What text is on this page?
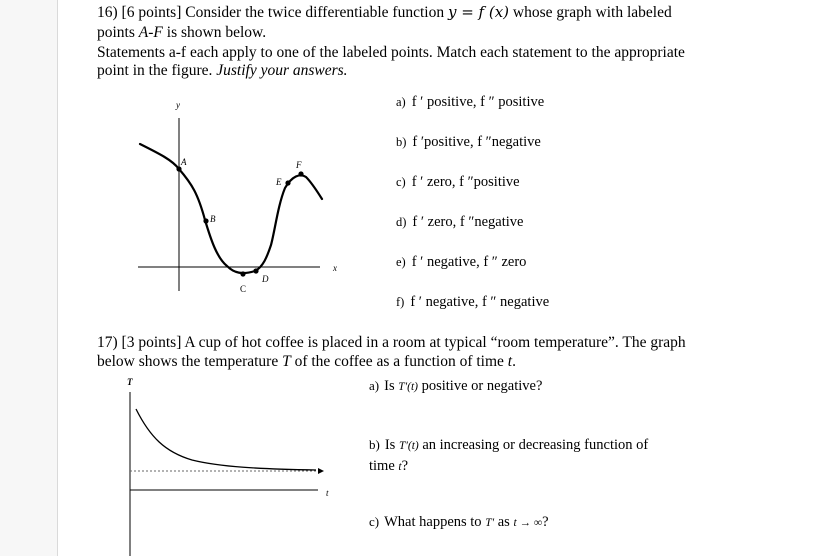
16) [6 points] Consider the twice differentiable function y = f (x) whose graph with labeled
points A-F is shown below.
Statements a-f each apply to one of the labeled points. Match each statement to the appropriate
point in the figure. Justify your answers.
a) f ′ positive, f ″ positive
b) f ′positive, f ″negative
c) f ′ zero, f ″positive
d) f ′ zero, f ″negative
e) f ′ negative, f ″ zero
f) f ′ negative, f ″ negative
y
x
A
B
C
D
E
F
T
t
17) [3 points] A cup of hot coffee is placed in a room at typical “room temperature”. The graph
below shows the temperature T of the coffee as a function of time t.
a) Is T′(t) positive or negative?
b) Is T′(t) an increasing or decreasing function of
time t?
c) What happens to T′ as t → ∞?
